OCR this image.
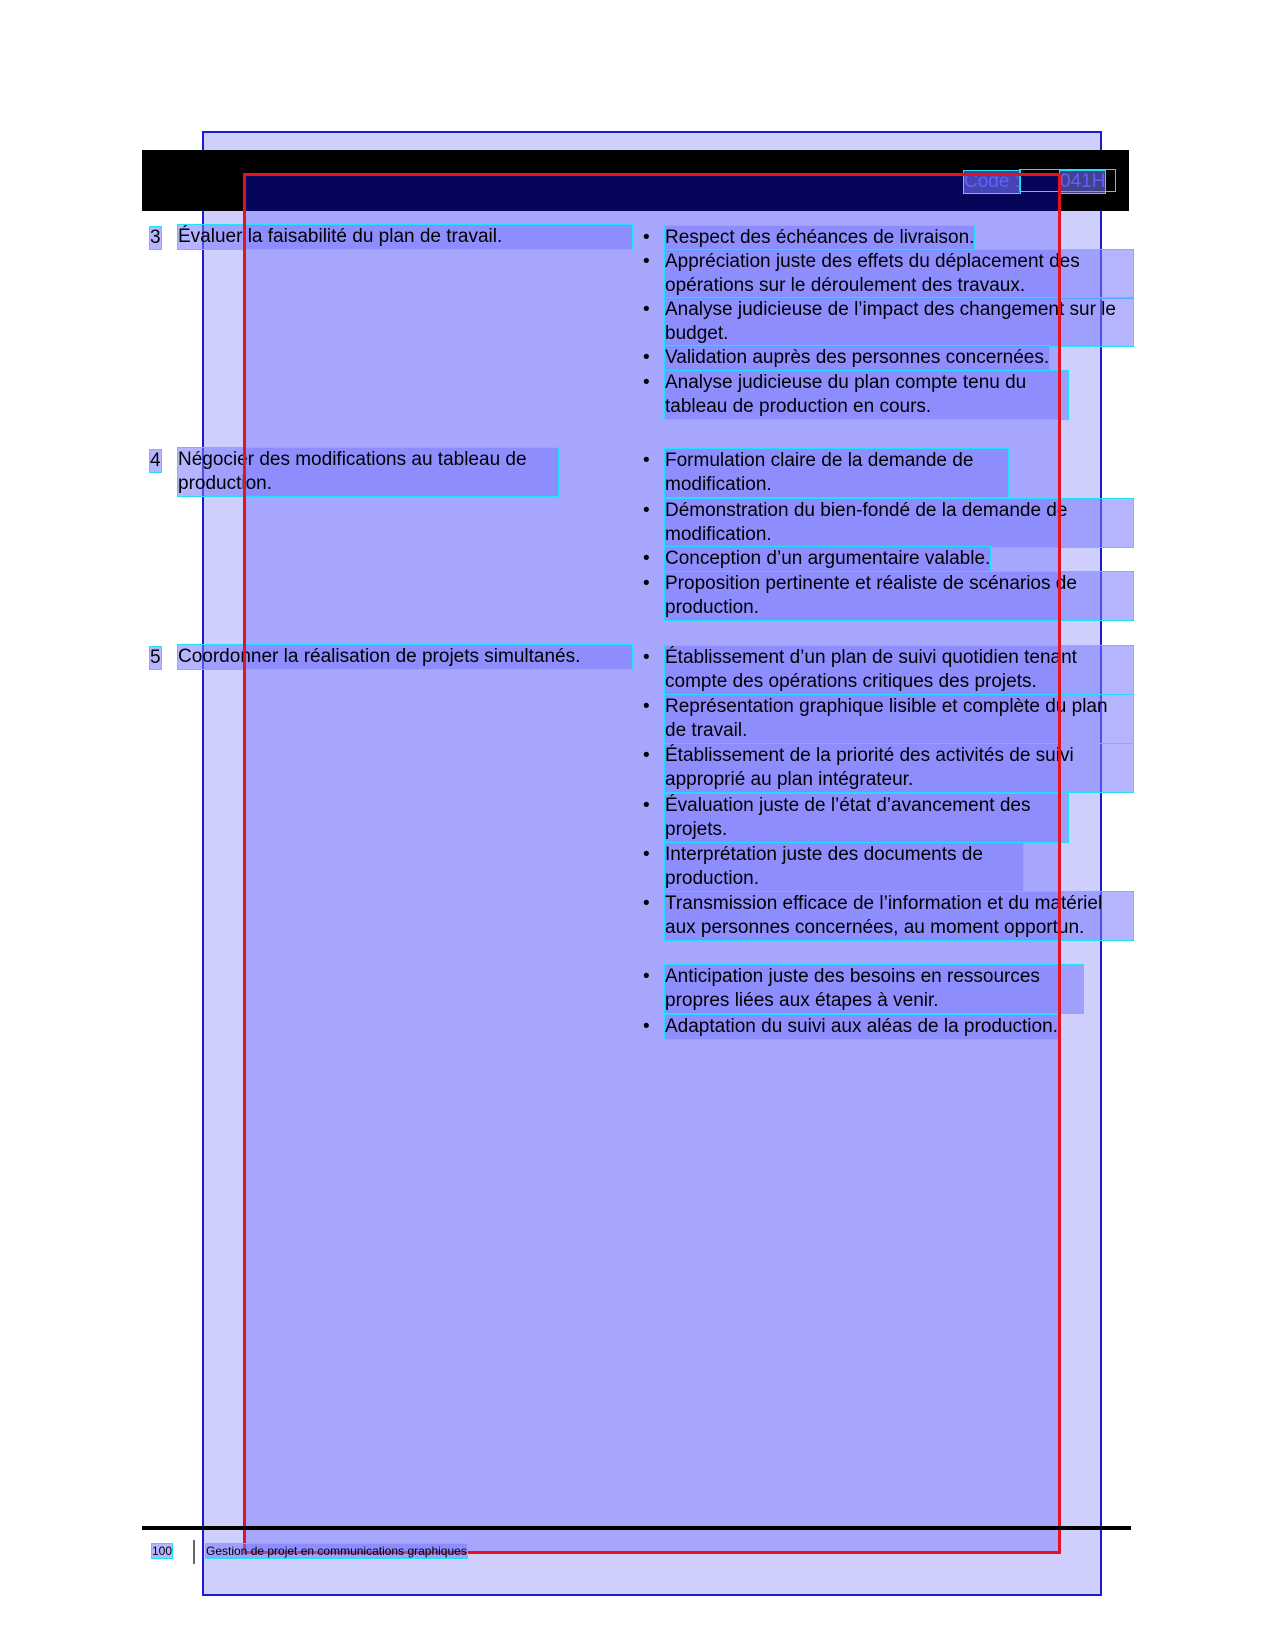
Code : 041H
3 Évaluer la faisabilité du plan de travail.	• Respect des échéances de livraison.
• Appréciation juste des effets du déplacement des opérations sur le déroulement des travaux.
• Analyse judicieuse de l’impact des changement sur le budget.
• Validation auprès des personnes concernées.
• Analyse judicieuse du plan compte tenu du tableau de production en cours.
4 Négocier des modifications au tableau de production.
• Formulation claire de la demande de modification.
• Démonstration du bien-fondé de la demande de modification.
• Conception d’un argumentaire valable.
• Proposition pertinente et réaliste de scénarios de production.
5 Coordonner la réalisation de projets simultanés.	• Établissement d’un plan de suivi quotidien tenant compte des opérations critiques des projets.
• Représentation graphique lisible et complète du plan de travail.
• Établissement de la priorité des activités de suivi approprié au plan intégrateur.
• Évaluation juste de l’état d’avancement des projets.
• Interprétation juste des documents de production.
• Transmission efficace de l’information et du matériel aux personnes concernées, au moment opportun.
• Anticipation juste des besoins en ressources propres liées aux étapes à venir.
• Adaptation du suivi aux aléas de la production.
100	Gestion de projet en communications graphiques
